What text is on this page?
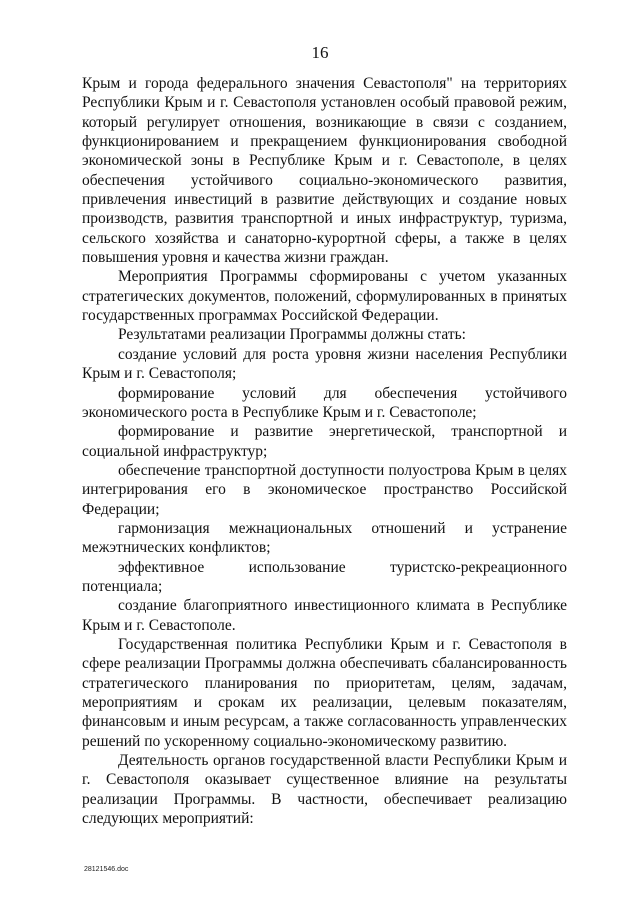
16

Крым и города федерального значения Севастополя" на территориях Республики Крым и г. Севастополя установлен особый правовой режим, который регулирует отношения, возникающие в связи с созданием, функционированием и прекращением функционирования свободной экономической зоны в Республике Крым и г. Севастополе, в целях обеспечения устойчивого социально-экономического развития, привлечения инвестиций в развитие действующих и создание новых производств, развития транспортной и иных инфраструктур, туризма, сельского хозяйства и санаторно-курортной сферы, а также в целях повышения уровня и качества жизни граждан.

Мероприятия Программы сформированы с учетом указанных стратегических документов, положений, сформулированных в принятых государственных программах Российской Федерации.

Результатами реализации Программы должны стать:

создание условий для роста уровня жизни населения Республики Крым и г. Севастополя;

формирование условий для обеспечения устойчивого экономического роста в Республике Крым и г. Севастополе;

формирование и развитие энергетической, транспортной и социальной инфраструктур;

обеспечение транспортной доступности полуострова Крым в целях интегрирования его в экономическое пространство Российской Федерации;

гармонизация межнациональных отношений и устранение межэтнических конфликтов;

эффективное использование туристско-рекреационного потенциала;

создание благоприятного инвестиционного климата в Республике Крым и г. Севастополе.

Государственная политика Республики Крым и г. Севастополя в сфере реализации Программы должна обеспечивать сбалансированность стратегического планирования по приоритетам, целям, задачам, мероприятиям и срокам их реализации, целевым показателям, финансовым и иным ресурсам, а также согласованность управленческих решений по ускоренному социально-экономическому развитию.

Деятельность органов государственной власти Республики Крым и г. Севастополя оказывает существенное влияние на результаты реализации Программы. В частности, обеспечивает реализацию следующих мероприятий:

28121546.doc
